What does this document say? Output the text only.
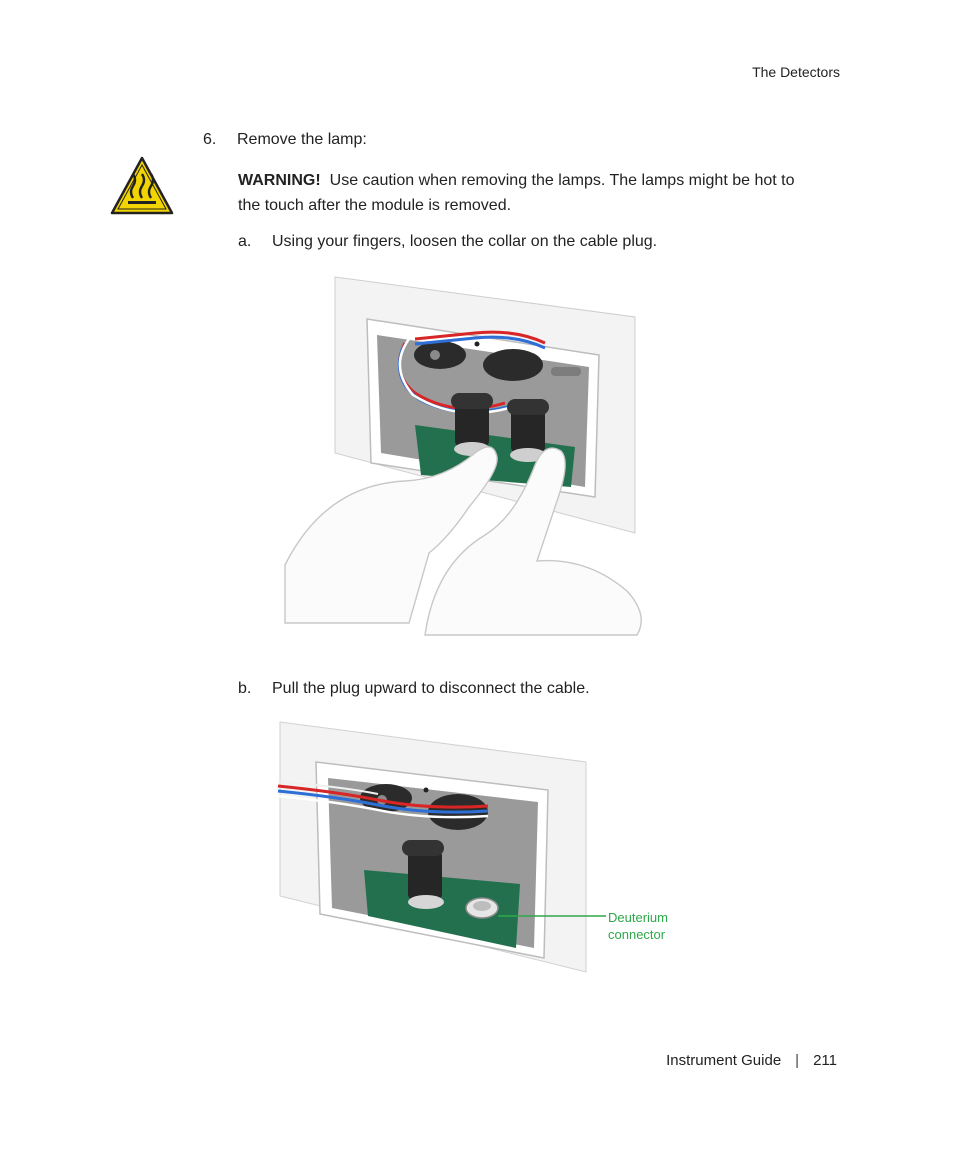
The Detectors
6. Remove the lamp:
WARNING! Use caution when removing the lamps. The lamps might be hot to the touch after the module is removed.
a. Using your fingers, loosen the collar on the cable plug.
b. Pull the plug upward to disconnect the cable.
Deuterium
connector
Instrument Guide | 211
